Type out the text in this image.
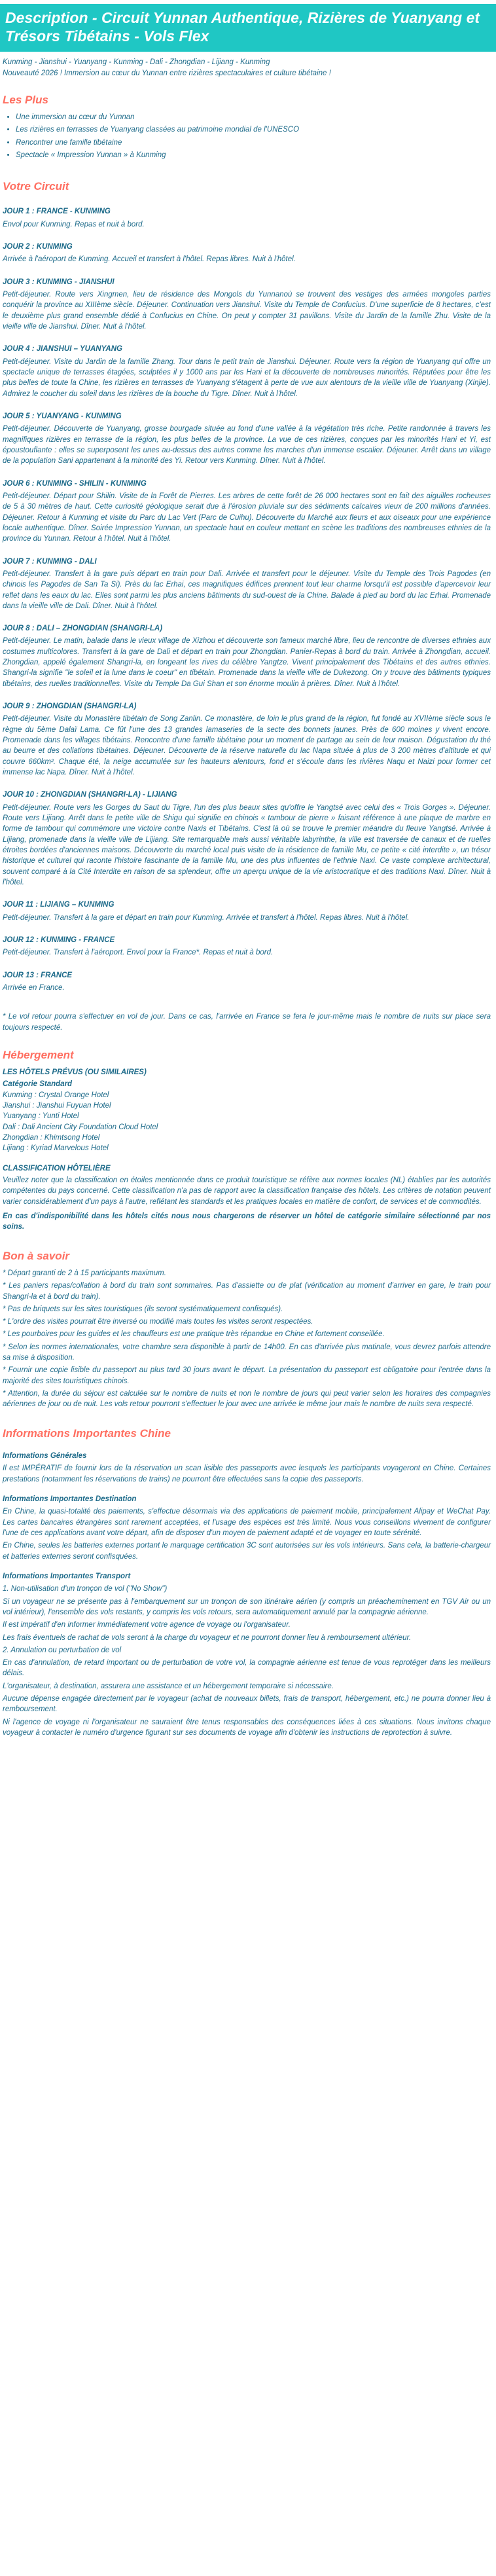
Description - Circuit Yunnan Authentique, Rizières de Yuanyang et Trésors Tibétains - Vols Flex

Kunming - Jianshui - Yuanyang - Kunming - Dali - Zhongdian - Lijiang - Kunming

Nouveauté 2026 ! Immersion au cœur du Yunnan entre rizières spectaculaires et culture tibétaine !

Les Plus
• Une immersion au cœur du Yunnan
• Les rizières en terrasses de Yuanyang classées au patrimoine mondial de l'UNESCO
• Rencontrer une famille tibétaine
• Spectacle « Impression Yunnan » à Kunming
Votre Circuit
JOUR 1 : FRANCE - KUNMING

Envol pour Kunming. Repas et nuit à bord.

JOUR 2 : KUNMING

Arrivée à l'aéroport de Kunming. Accueil et transfert à l'hôtel. Repas libres. Nuit à l'hôtel.

JOUR 3 : KUNMING - JIANSHUI

Petit-déjeuner. Route vers Xingmen, lieu de résidence des Mongols du Yunnanoù se trouvent des vestiges des armées mongoles parties conquérir la province au XIIIème siècle. Déjeuner. Continuation vers Jianshui. Visite du Temple de Confucius. D'une superficie de 8 hectares, c'est le deuxième plus grand ensemble dédié à Confucius en Chine. On peut y compter 31 pavillons. Visite du Jardin de la famille Zhu. Visite de la vieille ville de Jianshui. Dîner. Nuit à l'hôtel.

JOUR 4 : JIANSHUI – YUANYANG

Petit-déjeuner. Visite du Jardin de la famille Zhang. Tour dans le petit train de Jianshui. Déjeuner. Route vers la région de Yuanyang qui offre un spectacle unique de terrasses étagées, sculptées il y 1000 ans par les Hani et la découverte de nombreuses minorités. Réputées pour être les plus belles de toute la Chine, les rizières en terrasses de Yuanyang s'étagent à perte de vue aux alentours de la vieille ville de Yuanyang (Xinjie). Admirez le coucher du soleil dans les rizières de la bouche du Tigre. Dîner. Nuit à l'hôtel.

JOUR 5 : YUANYANG - KUNMING

Petit-déjeuner. Découverte de Yuanyang, grosse bourgade située au fond d'une vallée à la végétation très riche. Petite randonnée à travers les magnifiques rizières en terrasse de la région, les plus belles de la province. La vue de ces rizières, conçues par les minorités Hani et Yi, est époustouflante : elles se superposent les unes au-dessus des autres comme les marches d'un immense escalier. Déjeuner. Arrêt dans un village de la population Sani appartenant à la minorité des Yi. Retour vers Kunming. Dîner. Nuit à l'hôtel.

JOUR 6 : KUNMING - SHILIN - KUNMING

Petit-déjeuner. Départ pour Shilin. Visite de la Forêt de Pierres. Les arbres de cette forêt de 26 000 hectares sont en fait des aiguilles rocheuses de 5 à 30 mètres de haut. Cette curiosité géologique serait due à l'érosion pluviale sur des sédiments calcaires vieux de 200 millions d'années. Déjeuner. Retour à Kunming et visite du Parc du Lac Vert (Parc de Cuihu). Découverte du Marché aux fleurs et aux oiseaux pour une expérience locale authentique. Dîner. Soirée Impression Yunnan, un spectacle haut en couleur mettant en scène les traditions des nombreuses ethnies de la province du Yunnan. Retour à l'hôtel. Nuit à l'hôtel.

JOUR 7 : KUNMING - DALI

Petit-déjeuner. Transfert à la gare puis départ en train pour Dali. Arrivée et transfert pour le déjeuner. Visite du Temple des Trois Pagodes (en chinois les Pagodes de San Ta Si). Près du lac Erhai, ces magnifiques édifices prennent tout leur charme lorsqu'il est possible d'apercevoir leur reflet dans les eaux du lac. Elles sont parmi les plus anciens bâtiments du sud-ouest de la Chine. Balade à pied au bord du lac Erhai. Promenade dans la vieille ville de Dali. Dîner. Nuit à l'hôtel.

JOUR 8 : DALI – ZHONGDIAN (SHANGRI-LA)

Petit-déjeuner. Le matin, balade dans le vieux village de Xizhou et découverte son fameux marché libre, lieu de rencontre de diverses ethnies aux costumes multicolores. Transfert à la gare de Dali et départ en train pour Zhongdian. Panier-Repas à bord du train. Arrivée à Zhongdian, accueil. Zhongdian, appelé également Shangri-la, en longeant les rives du célèbre Yangtze. Vivent principalement des Tibétains et des autres ethnies. Shangri-la signifie "le soleil et la lune dans le coeur" en tibétain. Promenade dans la vieille ville de Dukezong. On y trouve des bâtiments typiques tibétains, des ruelles traditionnelles. Visite du Temple Da Gui Shan et son énorme moulin à prières. Dîner. Nuit à l'hôtel.

JOUR 9 : ZHONGDIAN (SHANGRI-LA)

Petit-déjeuner. Visite du Monastère tibétain de Song Zanlin. Ce monastère, de loin le plus grand de la région, fut fondé au XVIIème siècle sous le règne du 5ème Dalaï Lama. Ce fût l'une des 13 grandes lamaseries de la secte des bonnets jaunes. Près de 600 moines y vivent encore. Promenade dans les villages tibétains. Rencontre d'une famille tibétaine pour un moment de partage au sein de leur maison. Dégustation du thé au beurre et des collations tibétaines. Déjeuner. Découverte de la réserve naturelle du lac Napa située à plus de 3 200 mètres d'altitude et qui couvre 660km². Chaque été, la neige accumulée sur les hauteurs alentours, fond et s'écoule dans les rivières Naqu et Naizi pour former cet immense lac Napa. Dîner. Nuit à l'hôtel.

JOUR 10 : ZHONGDIAN (SHANGRI-LA) - LIJIANG

Petit-déjeuner. Route vers les Gorges du Saut du Tigre, l'un des plus beaux sites qu'offre le Yangtsé avec celui des « Trois Gorges ». Déjeuner. Route vers Lijiang. Arrêt dans le petite ville de Shigu qui signifie en chinois « tambour de pierre » faisant référence à une plaque de marbre en forme de tambour qui commémore une victoire contre Naxis et Tibétains. C'est là où se trouve le premier méandre du fleuve Yangtsé. Arrivée à Lijiang, promenade dans la vieille ville de Lijiang. Site remarquable mais aussi véritable labyrinthe, la ville est traversée de canaux et de ruelles étroites bordées d'anciennes maisons. Découverte du marché local puis visite de la résidence de famille Mu, ce petite « cité interdite », un trésor historique et culturel qui raconte l'histoire fascinante de la famille Mu, une des plus influentes de l'ethnie Naxi. Ce vaste complexe architectural, souvent comparé à la Cité Interdite en raison de sa splendeur, offre un aperçu unique de la vie aristocratique et des traditions Naxi. Dîner. Nuit à l'hôtel.

JOUR 11 : LIJIANG – KUNMING

Petit-déjeuner. Transfert à la gare et départ en train pour Kunming. Arrivée et transfert à l'hôtel. Repas libres. Nuit à l'hôtel.

JOUR 12 : KUNMING - FRANCE

Petit-déjeuner. Transfert à l'aéroport. Envol pour la France*. Repas et nuit à bord.

JOUR 13 : FRANCE

Arrivée en France.

* Le vol retour pourra s'effectuer en vol de jour. Dans ce cas, l'arrivée en France se fera le jour-même mais le nombre de nuits sur place sera toujours respecté.

Hébergement
LES HÔTELS PRÉVUS (OU SIMILAIRES)

Catégorie Standard

Kunming : Crystal Orange Hotel

Jianshui : Jianshui Fuyuan Hotel

Yuanyang : Yunti Hotel

Dali : Dali Ancient City Foundation Cloud Hotel

Zhongdian : Khimtsong Hotel

Lijiang : Kyriad Marvelous Hotel

CLASSIFICATION HÔTELIÈRE

Veuillez noter que la classification en étoiles mentionnée dans ce produit touristique se réfère aux normes locales (NL) établies par les autorités compétentes du pays concerné. Cette classification n'a pas de rapport avec la classification française des hôtels. Les critères de notation peuvent varier considérablement d'un pays à l'autre, reflétant les standards et les pratiques locales en matière de confort, de services et de commodités.

En cas d'indisponibilité dans les hôtels cités nous nous chargerons de réserver un hôtel de catégorie similaire sélectionné par nos soins.

Bon à savoir

* Départ garanti de 2 à 15 participants maximum.

* Les paniers repas/collation à bord du train sont sommaires. Pas d'assiette ou de plat (vérification au moment d'arriver en gare, le train pour Shangri-la et à bord du train).

* Pas de briquets sur les sites touristiques (ils seront systématiquement confisqués).

* L'ordre des visites pourrait être inversé ou modifié mais toutes les visites seront respectées.

* Les pourboires pour les guides et les chauffeurs est une pratique très répandue en Chine et fortement conseillée.

* Selon les normes internationales, votre chambre sera disponible à partir de 14h00. En cas d'arrivée plus matinale, vous devrez parfois attendre sa mise à disposition.

* Fournir une copie lisible du passeport au plus tard 30 jours avant le départ. La présentation du passeport est obligatoire pour l'entrée dans la majorité des sites touristiques chinois.

* Attention, la durée du séjour est calculée sur le nombre de nuits et non le nombre de jours qui peut varier selon les horaires des compagnies aériennes de jour ou de nuit. Les vols retour pourront s'effectuer le jour avec une arrivée le même jour mais le nombre de nuits sera respecté.

Informations Importantes Chine
Informations Générales

Il est IMPÉRATIF de fournir lors de la réservation un scan lisible des passeports avec lesquels les participants voyageront en Chine. Certaines prestations (notamment les réservations de trains) ne pourront être effectuées sans la copie des passeports.

Informations Importantes Destination

En Chine, la quasi-totalité des paiements, s'effectue désormais via des applications de paiement mobile, principalement Alipay et WeChat Pay. Les cartes bancaires étrangères sont rarement acceptées, et l'usage des espèces est très limité. Nous vous conseillons vivement de configurer l'une de ces applications avant votre départ, afin de disposer d'un moyen de paiement adapté et de voyager en toute sérénité.

En Chine, seules les batteries externes portant le marquage certification 3C sont autorisées sur les vols intérieurs. Sans cela, la batterie-chargeur et batteries externes seront confisquées.

Informations Importantes Transport

1. Non-utilisation d'un tronçon de vol ("No Show")

Si un voyageur ne se présente pas à l'embarquement sur un tronçon de son itinéraire aérien (y compris un préacheminement en TGV Air ou un vol intérieur), l'ensemble des vols restants, y compris les vols retours, sera automatiquement annulé par la compagnie aérienne.

Il est impératif d'en informer immédiatement votre agence de voyage ou l'organisateur.

Les frais éventuels de rachat de vols seront à la charge du voyageur et ne pourront donner lieu à remboursement ultérieur.

2. Annulation ou perturbation de vol

En cas d'annulation, de retard important ou de perturbation de votre vol, la compagnie aérienne est tenue de vous reprotéger dans les meilleurs délais.

L'organisateur, à destination, assurera une assistance et un hébergement temporaire si nécessaire.

Aucune dépense engagée directement par le voyageur (achat de nouveaux billets, frais de transport, hébergement, etc.) ne pourra donner lieu à remboursement.

Ni l'agence de voyage ni l'organisateur ne sauraient être tenus responsables des conséquences liées à ces situations. Nous invitons chaque voyageur à contacter le numéro d'urgence figurant sur ses documents de voyage afin d'obtenir les instructions de reprotection à suivre.
